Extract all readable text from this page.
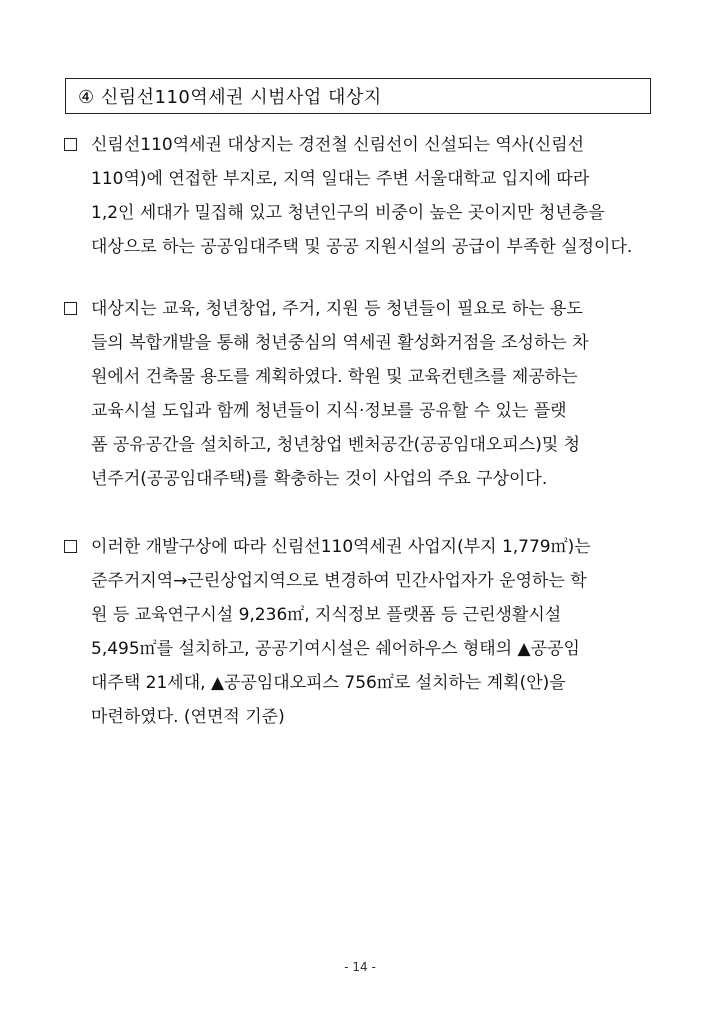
④ 신림선110역세권 시범사업 대상지
신림선110역세권 대상지는 경전철 신림선이 신설되는 역사(신림선
110역)에 연접한 부지로, 지역 일대는 주변 서울대학교 입지에 따라
1,2인 세대가 밀집해 있고 청년인구의 비중이 높은 곳이지만 청년층을
대상으로 하는 공공임대주택 및 공공 지원시설의 공급이 부족한 실정이다.
대상지는 교육, 청년창업, 주거, 지원 등 청년들이 필요로 하는 용도
들의 복합개발을 통해 청년중심의 역세권 활성화거점을 조성하는 차
원에서 건축물 용도를 계획하였다. 학원 및 교육컨텐츠를 제공하는
교육시설 도입과 함께 청년들이 지식·정보를 공유할 수 있는 플랫
폼 공유공간을 설치하고, 청년창업 벤처공간(공공임대오피스)및 청
년주거(공공임대주택)를 확충하는 것이 사업의 주요 구상이다.
이러한 개발구상에 따라 신림선110역세권 사업지(부지 1,779㎡)는
준주거지역→근린상업지역으로 변경하여 민간사업자가 운영하는 학
원 등 교육연구시설 9,236㎡, 지식정보 플랫폼 등 근린생활시설
5,495㎡를 설치하고, 공공기여시설은 쉐어하우스 형태의 ▲공공임
대주택 21세대, ▲공공임대오피스 756㎡로 설치하는 계획(안)을
마련하였다. (연면적 기준)
- 14 -
